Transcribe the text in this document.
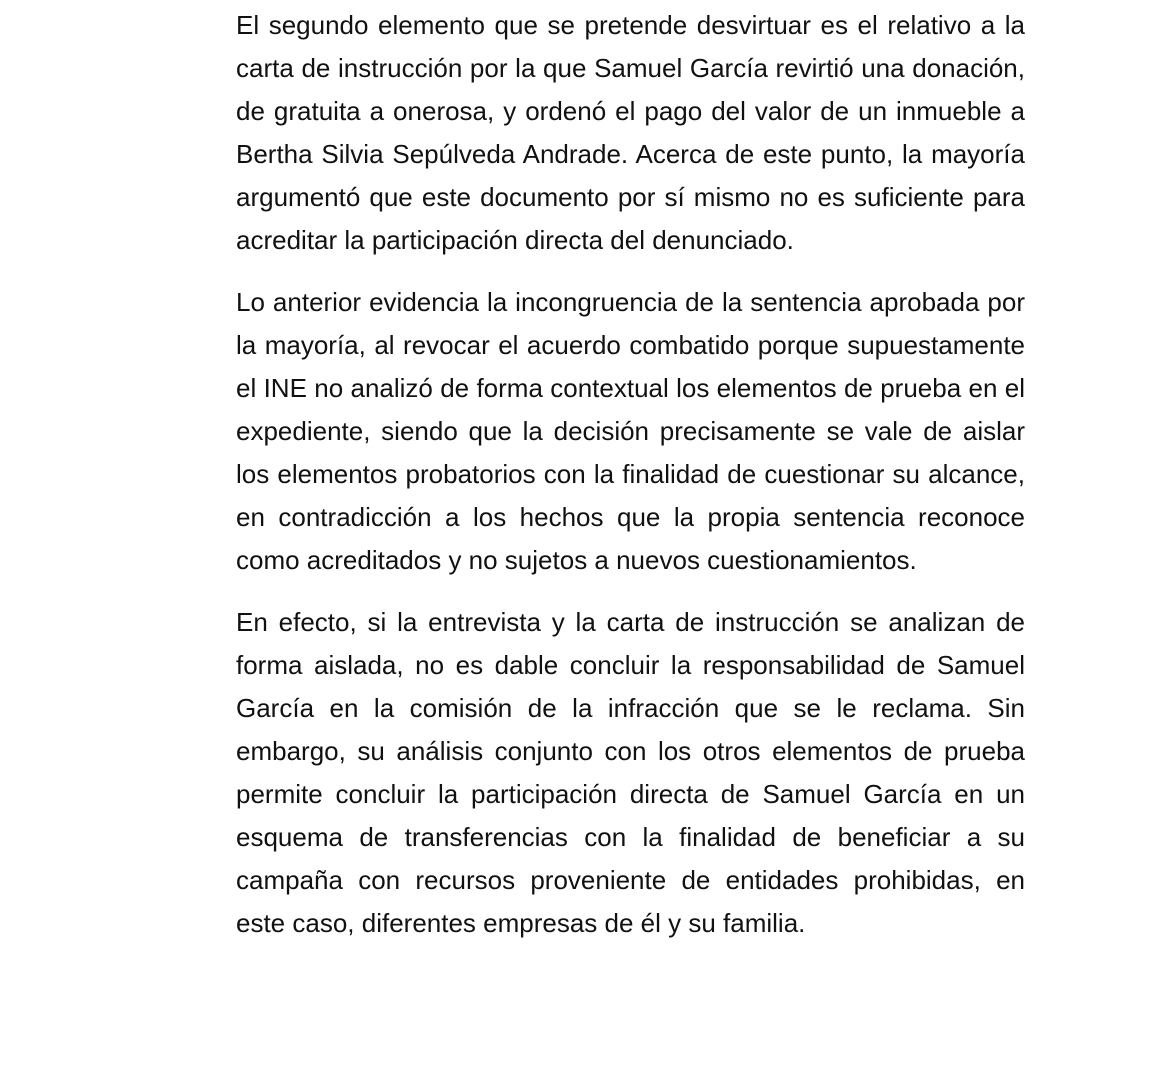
El segundo elemento que se pretende desvirtuar es el relativo a la carta de instrucción por la que Samuel García revirtió una donación, de gratuita a onerosa, y ordenó el pago del valor de un inmueble a Bertha Silvia Sepúlveda Andrade. Acerca de este punto, la mayoría argumentó que este documento por sí mismo no es suficiente para acreditar la participación directa del denunciado.

Lo anterior evidencia la incongruencia de la sentencia aprobada por la mayoría, al revocar el acuerdo combatido porque supuestamente el INE no analizó de forma contextual los elementos de prueba en el expediente, siendo que la decisión precisamente se vale de aislar los elementos probatorios con la finalidad de cuestionar su alcance, en contradicción a los hechos que la propia sentencia reconoce como acreditados y no sujetos a nuevos cuestionamientos.

En efecto, si la entrevista y la carta de instrucción se analizan de forma aislada, no es dable concluir la responsabilidad de Samuel García en la comisión de la infracción que se le reclama. Sin embargo, su análisis conjunto con los otros elementos de prueba permite concluir la participación directa de Samuel García en un esquema de transferencias con la finalidad de beneficiar a su campaña con recursos proveniente de entidades prohibidas, en este caso, diferentes empresas de él y su familia.
